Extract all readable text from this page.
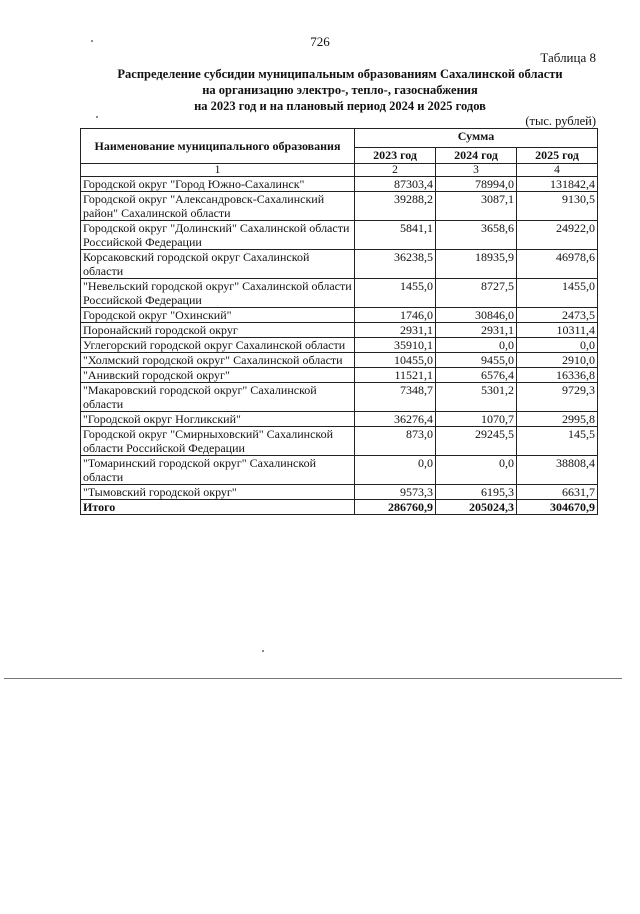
726
Таблица 8
Распределение субсидии муниципальным образованиям Сахалинской области
на организацию электро-, тепло-, газоснабжения
на 2023 год и на плановый период 2024 и 2025 годов
(тыс. рублей)
Наименование муниципального образования	Сумма		
	2023 год	2024 год	2025 год
1	2	3	4
Городской округ "Город Южно-Сахалинск"	87303,4	78994,0	131842,4
Городской округ "Александровск-Сахалинский район" Сахалинской области	39288,2	3087,1	9130,5
Городской округ "Долинский" Сахалинской области Российской Федерации	5841,1	3658,6	24922,0
Корсаковский городской округ Сахалинской области	36238,5	18935,9	46978,6
"Невельский городской округ" Сахалинской области Российской Федерации	1455,0	8727,5	1455,0
Городской округ "Охинский"	1746,0	30846,0	2473,5
Поронайский городской округ	2931,1	2931,1	10311,4
Углегорский городской округ Сахалинской области	35910,1	0,0	0,0
"Холмский городской округ" Сахалинской области	10455,0	9455,0	2910,0
"Анивский городской округ"	11521,1	6576,4	16336,8
"Макаровский городской округ" Сахалинской области	7348,7	5301,2	9729,3
"Городской округ Ногликский"	36276,4	1070,7	2995,8
Городской округ "Смирныховский" Сахалинской области Российской Федерации	873,0	29245,5	145,5
"Томаринский городской округ" Сахалинской области	0,0	0,0	38808,4
"Тымовский городской округ"	9573,3	6195,3	6631,7
Итого	286760,9	205024,3	304670,9
